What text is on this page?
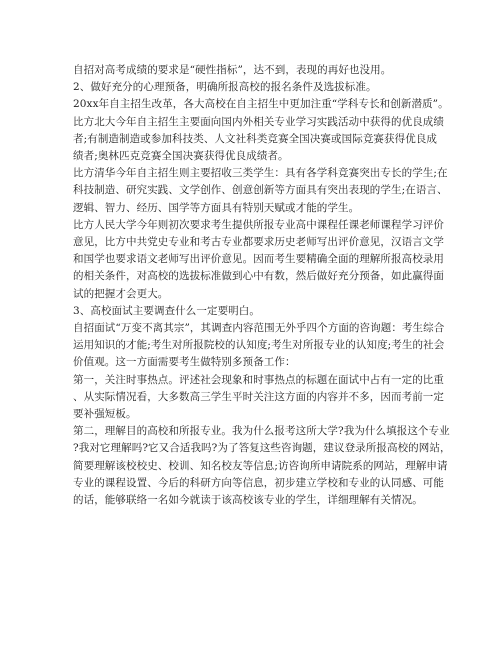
自招对高考成绩的要求是“硬性指标”，达不到，表现的再好也没用。
2、做好充分的心理预备，明确所报高校的报名条件及选拔标准。
20xx年自主招生改革，各大高校在自主招生中更加注重“学科专长和创新潜质”。
比方北大今年自主招生主要面向国内外相关专业学习实践活动中获得的优良成绩
者;有制造制造或参加科技类、人文社科类竞赛全国决赛或国际竞赛获得优良成
绩者;奥林匹克竞赛全国决赛获得优良成绩者。
比方清华今年自主招生则主要招收三类学生：具有各学科竞赛突出专长的学生;在
科技制造、研究实践、文学创作、创意创新等方面具有突出表现的学生;在语言、
逻辑、智力、经历、国学等方面具有特别天赋或才能的学生。
比方人民大学今年则初次要求考生提供所报专业高中课程任课老师课程学习评价
意见，比方中共党史专业和考古专业都要求历史老师写出评价意见，汉语言文学
和国学也要求语文老师写出评价意见。因而考生要精确全面的理解所报高校录用
的相关条件，对高校的选拔标准做到心中有数，然后做好充分预备，如此赢得面
试的把握才会更大。
3、高校面试主要调查什么一定要明白。
自招面试“万变不离其宗”，其调查内容范围无外乎四个方面的咨询题：考生综合
运用知识的才能;考生对所报院校的认知度;考生对所报专业的认知度;考生的社会
价值观。这一方面需要考生做特别多预备工作：
第一，关注时事热点。评述社会现象和时事热点的标题在面试中占有一定的比重
、从实际情况看，大多数高三学生平时关注这方面的内容并不多，因而考前一定
要补强短板。
第二，理解目的高校和所报专业。我为什么报考这所大学?我为什么填报这个专业
?我对它理解吗?它又合适我吗?为了答复这些咨询题，建议登录所报高校的网站，
简要理解该校校史、校训、知名校友等信息;访咨询所申请院系的网站，理解申请
专业的课程设置、今后的科研方向等信息，初步建立学校和专业的认同感、可能
的话，能够联络一名如今就读于该高校该专业的学生，详细理解有关情况。
